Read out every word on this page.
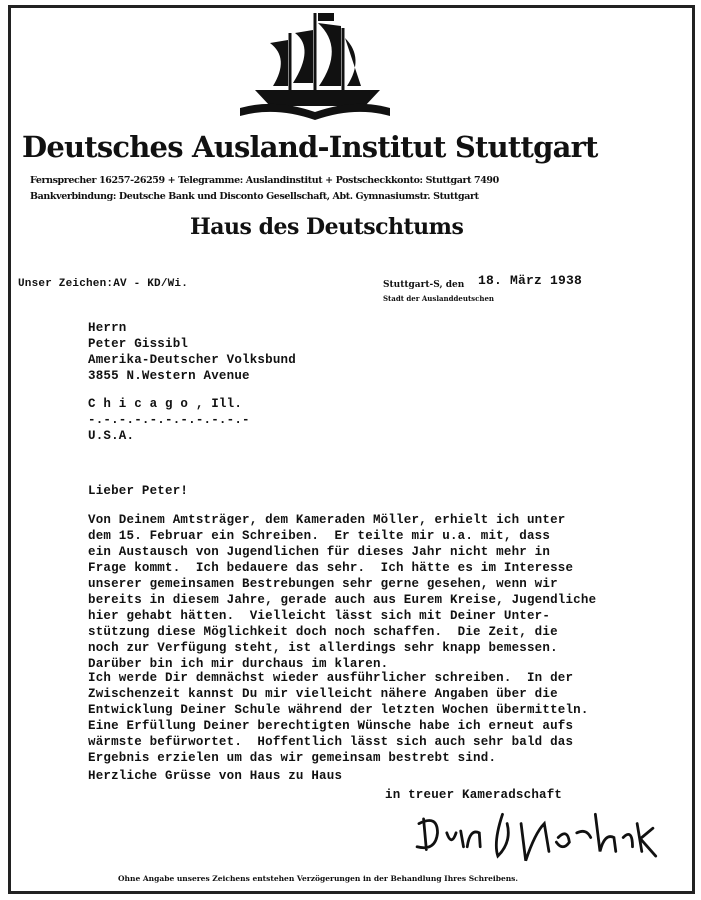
Deutsches Ausland-Institut Stuttgart
Fernsprecher 16257-26259 + Telegramme: Auslandinstitut + Postscheckkonto: Stuttgart 7490
Bankverbindung: Deutsche Bank und Disconto Gesellschaft, Abt. Gymnasiumstr. Stuttgart
Haus des Deutschtums
Unser Zeichen:AV - KD/Wi.	Stuttgart-S, den 18. März 1938
Stadt der Auslanddeutschen
Herrn
Peter Gissibl
Amerika-Deutscher Volksbund
3855 N.Western Avenue
C h i c a g o , Ill.
-.-.-.-.-.-.-.-.-.-.-
U.S.A.
Lieber Peter!
Von Deinem Amtsträger, dem Kameraden Möller, erhielt ich unter
dem 15. Februar ein Schreiben.  Er teilte mir u.a. mit, dass
ein Austausch von Jugendlichen für dieses Jahr nicht mehr in
Frage kommt.  Ich bedauere das sehr.  Ich hätte es im Interesse
unserer gemeinsamen Bestrebungen sehr gerne gesehen, wenn wir
bereits in diesem Jahre, gerade auch aus Eurem Kreise, Jugendliche
hier gehabt hätten.  Vielleicht lässt sich mit Deiner Unter-
stützung diese Möglichkeit doch noch schaffen.  Die Zeit, die
noch zur Verfügung steht, ist allerdings sehr knapp bemessen.
Darüber bin ich mir durchaus im klaren.
Ich werde Dir demnächst wieder ausführlicher schreiben.  In der
Zwischenzeit kannst Du mir vielleicht nähere Angaben über die
Entwicklung Deiner Schule während der letzten Wochen übermitteln.
Eine Erfüllung Deiner berechtigten Wünsche habe ich erneut aufs
wärmste befürwortet.  Hoffentlich lässt sich auch sehr bald das
Ergebnis erzielen um das wir gemeinsam bestrebt sind.
Herzliche Grüsse von Haus zu Haus
in treuer Kameradschaft
Ohne Angabe unseres Zeichens entstehen Verzögerungen in der Behandlung Ihres Schreibens.
